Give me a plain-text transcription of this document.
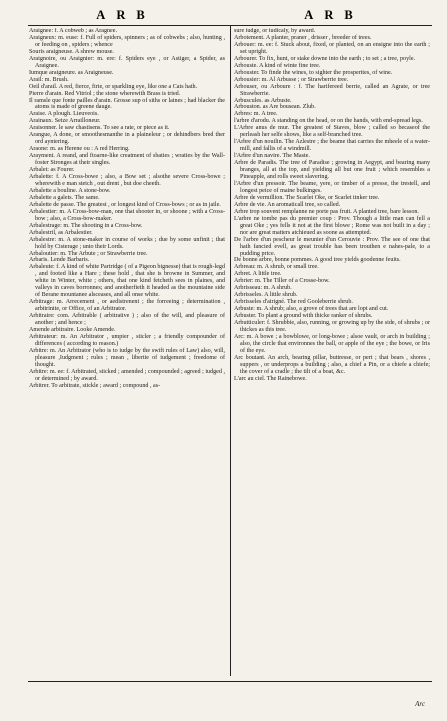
ARB	ARB

Araignee: f. A cobweb ; as Aragnee.

Araigneux: m. euse: f. Full of spiders, spinners ; as of cobwebs ; also, hunting , or feeding on , spiders ; whence

Souris araigneuse. A shrew mouse.

Araignoire, ou Araignier: m. ere: f. Spiders eye , or Astiger, a Spider, as Araignee.

Iumque araigneure. as Araigneuse.

Arail: m. Brush.

Oeil d'arail. A red, fierce, firie, or sparkling eye, like one a Cats hath.

Pierre d'arain. Red Vitriol ; the stone wherewith Brass is tried.

Il ramsle que fonte pailles d'arain. Grosse sup of siths or laines ; had blacker the atoms is made of greene dauge.

Araise. A plough. Lieuveois.

Arainaux. Seize Arrailloneur.

Araisonner. le saw chastisens. To see a rate, or piece as it.

Arangue, A done, or smoothesmanthe in a plaineleur ; or dehindbers bred ther ord ayntering.

Araone: m. as Herene ou : A red Herring.

Arayment. A reand, and ftoarne-like creatment of sbaties ; wraties by the Wall-foster Stronges at their singles.

Arbalet: as Fourer.

Arbalette: f. A Cross-bowe ; also, a Bow set ; alsothe severe Cross-bowe ; wherewith e man stetch , out drent , but doe cheeth.

Arbalette a bouline. A stone-bow.

Arbalette a galets. The same.

Arbalette de passe. The greatest , or longest kind of Cross-bows ; or as in jaile.

Arbalestier: m. A Cross-bow-man, one that shooter in, or shoone ; with a Cross-bow ; also, a Cross-bow-maker.

Arbalestrage: m. The shooting in a Cross-bow.

Arbalestril, as Arbalestier.

Arbalestre: m. A stone-maker in course of works ; due by some unfinit ; that hold by Cisterage ; unto their Lords.

Arbaloutier: m. The Arbute ; or Strawberrie tree.

Arbaris. Lende Barbaris.

Arbaleute: f. A kind of white Partridge ( of a Pigeon bignesse) that is rough-legd , and footed like a Hare ; these hold , that she is browne in Summer, and white in Winter, white ; others, that one kind fetcheth sees in plaines, and valleys in caves borronnes; and anotherfieth it headed as the mountaine side of Berane mountanee alsceases, and all onse white.

Arbitrage: m. Arrecement , or aedistrenent ; the forreeing ; determination , arbitrinite, or Office, of an Arbitrator.

Arbitraire: com. Arbitrable ( arbitrative ) ; also of the will, and pleasure of another ; and hence ;

Amende arbitraire. Looke Amende.

Arbitrateur: m. An Arbitrator , umpier , sticler ; a friendly compounder of differences ( according to reason.)

Arbitre: m. An Arbitrator (who is to iudge by the swift rules of Law) also, will, pleasure ,Iudgment ; rules ; mean , libertie of iudgement ; freedome of thought.

Arbitre: m. ee: f. Arbitrated, sticked ; amended ; compounded ; agreed ; iudged , or determined ; by award.

Arbitrer. To arbitrate, stickle ; award ; compound , as-

sure iudge, or iudicaly, by award.

Arbotement. A planter, praner , drisser , breeder of trees.

Arbouer: m. ee: f. Stuck about, fixed, or planted, on an ensigne into the earth ; set upright.

Arbourer. To fix, hunt, or stake downe into the earth ; to set ; a tree, poyle.

Arbouste. A kind of winte fine tree.

Arbouster. To finde the wines, to sighter the prosperites, of wine.

Arbousier: m. Al Arbusse ; or Strawberrie tree.

Arbouser, ou Arboure : f. The harifereed berrie, called an Agrate, or tree Strawberrie.

Arbuscules. as Arbuste.

Arbouston. as Are bousean. Zlub.

Arbres: m. A tree.

l'arbre d'arodu. A standing on the head, or on the hands, with end-spread legs.

L'Arbre anus de mur. The greatest of Staves, blow ; called so becaseof the perleash her selfe shows, like a self-branched tree.

l'Arbre d'un nouilin. The Azlestre ; the beame that carries the mheele of a water-mill, and fallis of a windmill.

l'Arbre d'un navire. The Maste.

Arbre de Paradis. The tree of Paradise ; growing in Aegypt, and bearing many branges, all at the top, and yielding all but one fruit ; which resembles a Pineapple, and rolls sweet slavering.

l'Arbre d'un pressoir. The beame, yere, or timber of a presse, the trestell, and longest peice of maine bulkinges.

Arbre de vermillion. The Scarlet Oke, or Scarlet tinker tree.

Arbre de vie. An aromaticall tree, so called.

Arbre trop souvent remplanne ne porte pas fruit. A planted tree, bare lesson.

L'arbre ne tombe pas du premier coup : Prov. Though a little man can fell a great Oke ; yes fells it not at the first blowe ; Rome was not built in a day ; nor are great matters atchieued as soone as attempted.

De l'arbre d'un pescheur le meunier d'un Cerouvie : Prov. The see of one that hath fancied evell, as great trouble has been trouthen e nahes-pale, to a pudding price.

De bonne arbre, bonne pommes. A good tree yields goodenne feuits.

Arbreau: m. A shrub, or small tree.

Arbret. A little tree.

Arbrier: m. The Tiller of a Crosse-bow.

Arbrisseau: m. A shrub.

Arbrisseles. A little shrub.

Arbrisseles d'airigné. The red Gooleberrie shrub.

Arbuste: m. A shrub; also, a grove of trees that are lopt and cut.

Arbuster. To plant a ground with thicke ranker of shrubs.

Arbutticuler: f. Shrubbie, also, running, or growing up by the side, of shrubs ; or thickes as this tree.

Arc: m. A bowe ; a bowblowe, or long-bowe ; alsoe vault, or arch in building ; also, the circle that environnes the ball, or apple of the eye ; the bowe, or Iris of the eye.

Arc boutant. An arch, bearing pillar, buttresse, or pert ; that bears , shores , suppers , or underprops a building ; also, a chief a Pin, or a chiefe a chiefe; the cover of a cradle ; the tilt of a boat, &c.

L'arc au ciel. The Rainebowe.

Arc
